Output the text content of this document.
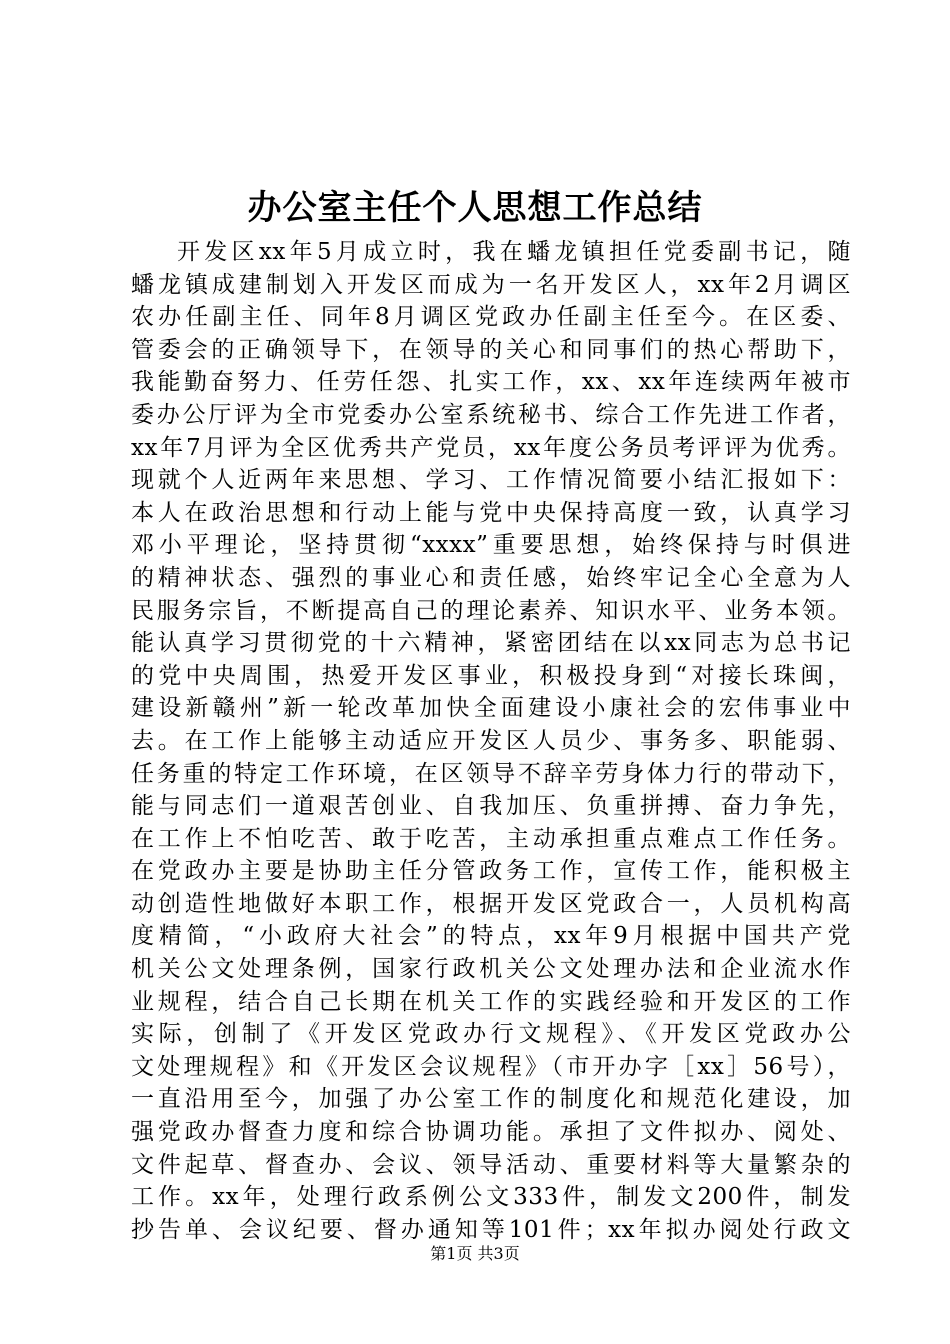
办公室主任个人思想工作总结
开发区xx年5月成立时，我在蟠龙镇担任党委副书记，随
蟠龙镇成建制划入开发区而成为一名开发区人，xx年2月调区
农办任副主任、同年8月调区党政办任副主任至今。在区委、
管委会的正确领导下，在领导的关心和同事们的热心帮助下，
我能勤奋努力、任劳任怨、扎实工作，xx、xx年连续两年被市
委办公厅评为全市党委办公室系统秘书、综合工作先进工作者，
xx年7月评为全区优秀共产党员，xx年度公务员考评评为优秀。
现就个人近两年来思想、学习、工作情况简要小结汇报如下：
本人在政治思想和行动上能与党中央保持高度一致，认真学习
邓小平理论，坚持贯彻“xxxx”重要思想，始终保持与时俱进
的精神状态、强烈的事业心和责任感，始终牢记全心全意为人
民服务宗旨，不断提高自己的理论素养、知识水平、业务本领。
能认真学习贯彻党的十六精神，紧密团结在以xx同志为总书记
的党中央周围，热爱开发区事业，积极投身到“对接长珠闽，
建设新赣州”新一轮改革加快全面建设小康社会的宏伟事业中
去。在工作上能够主动适应开发区人员少、事务多、职能弱、
任务重的特定工作环境，在区领导不辞辛劳身体力行的带动下，
能与同志们一道艰苦创业、自我加压、负重拼搏、奋力争先，
在工作上不怕吃苦、敢于吃苦，主动承担重点难点工作任务。
在党政办主要是协助主任分管政务工作，宣传工作，能积极主
动创造性地做好本职工作，根据开发区党政合一，人员机构高
度精简，“小政府大社会”的特点，xx年9月根据中国共产党
机关公文处理条例，国家行政机关公文处理办法和企业流水作
业规程，结合自己长期在机关工作的实践经验和开发区的工作
实际，创制了《开发区党政办行文规程》、《开发区党政办公
文处理规程》和《开发区会议规程》（市开办字［xx］56号），
一直沿用至今，加强了办公室工作的制度化和规范化建设，加
强党政办督查力度和综合协调功能。承担了文件拟办、阅处、
文件起草、督查办、会议、领导活动、重要材料等大量繁杂的
工作。xx年，处理行政系例公文333件，制发文200件，制发
抄告单、会议纪要、督办通知等101件；xx年拟办阅处行政文
第1页 共3页
